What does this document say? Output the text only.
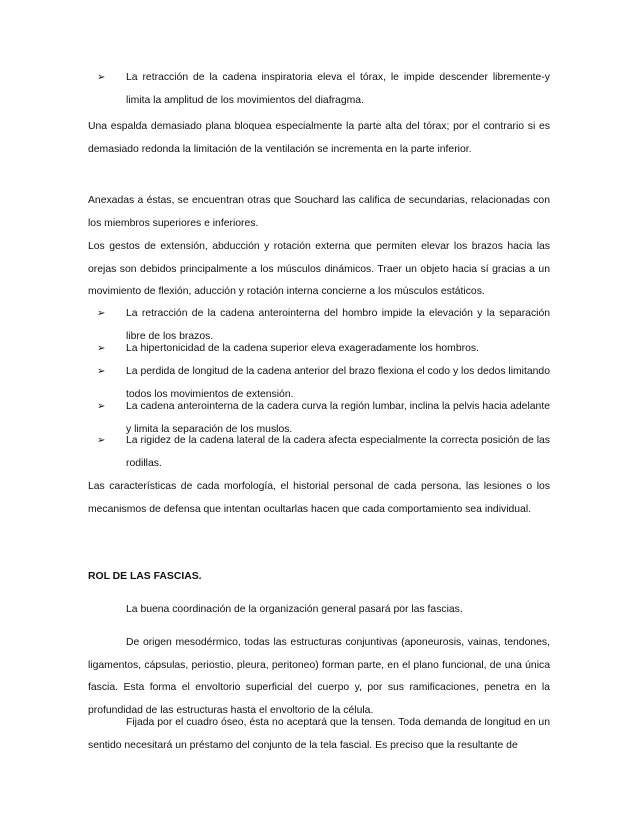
➢	La retracción de la cadena inspiratoria eleva el tórax, le impide descender libremente-y limita la amplitud de los movimientos del diafragma.
Una espalda demasiado plana bloquea especialmente la parte alta del tórax; por el contrario si es demasiado redonda la limitación de la ventilación se incrementa en la parte inferior.
Anexadas a éstas, se encuentran otras que Souchard las califica de secundarias, relacionadas con los miembros superiores e inferiores.
Los gestos de extensión, abducción y rotación externa que permiten elevar los brazos hacia las orejas son debidos principalmente a los músculos dinámicos. Traer un objeto hacia sí gracias a un movimiento de flexión, aducción y rotación interna concierne a los músculos estáticos.
➢	La retracción de la cadena anterointerna del hombro impide la elevación y la separación libre de los brazos.
➢	La hipertonicidad de la cadena superior eleva exageradamente los hombros.
➢	La perdida de longitud de la cadena anterior del brazo flexiona el codo y los dedos limitando todos los movimientos de extensión.
➢	La cadena anterointerna de la cadera curva la región lumbar, inclina la pelvis hacia adelante y limita la separación de los muslos.
➢	La rigidez de la cadena lateral de la cadera afecta especialmente la correcta posición de las rodillas.
Las características de cada morfología, el historial personal de cada persona, las lesiones o los mecanismos de defensa que intentan ocultarlas hacen que cada comportamiento sea individual.
ROL DE LAS FASCIAS.
La buena coordinación de la organización general pasará por las fascias.
De origen mesodérmico, todas las estructuras conjuntivas (aponeurosis, vainas, tendones, ligamentos, cápsulas, periostio, pleura, peritoneo) forman parte, en el plano funcional, de una única fascia. Esta forma el envoltorio superficial del cuerpo y, por sus ramificaciones, penetra en la profundidad de las estructuras hasta el envoltorio de la célula.
Fijada por el cuadro óseo, ésta no aceptará que la tensen. Toda demanda de longitud en un sentido necesitará un préstamo del conjunto de la tela fascial. Es preciso que la resultante de
